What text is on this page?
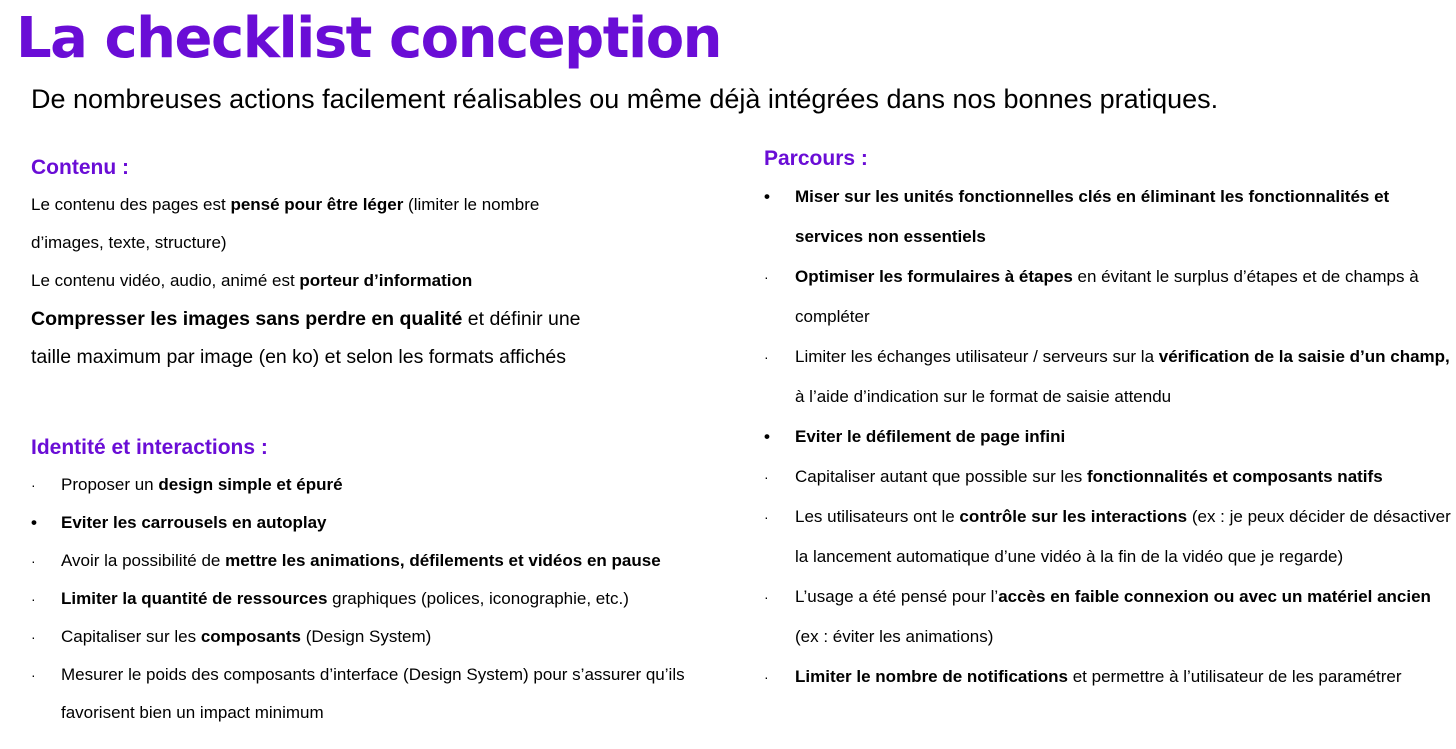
La checklist conception

De nombreuses actions facilement réalisables ou même déjà intégrées dans nos bonnes pratiques.

Contenu :
Le contenu des pages est pensé pour être léger (limiter le nombre d’images, texte, structure)
Le contenu vidéo, audio, animé est porteur d’information
Compresser les images sans perdre en qualité et définir une taille maximum par image (en ko) et selon les formats affichés
Identité et interactions :
· Proposer un design simple et épuré
• Eviter les carrousels en autoplay
· Avoir la possibilité de mettre les animations, défilements et vidéos en pause
· Limiter la quantité de ressources graphiques (polices, iconographie, etc.)
· Capitaliser sur les composants (Design System)
· Mesurer le poids des composants d’interface (Design System) pour s’assurer qu’ils favorisent bien un impact minimum
Parcours :
• Miser sur les unités fonctionnelles clés en éliminant les fonctionnalités et services non essentiels
· Optimiser les formulaires à étapes en évitant le surplus d’étapes et de champs à compléter
· Limiter les échanges utilisateur / serveurs sur la vérification de la saisie d’un champ, à l’aide d’indication sur le format de saisie attendu
• Eviter le défilement de page infini
· Capitaliser autant que possible sur les fonctionnalités et composants natifs
· Les utilisateurs ont le contrôle sur les interactions (ex : je peux décider de désactiver la lancement automatique d’une vidéo à la fin de la vidéo que je regarde)
· L’usage a été pensé pour l’accès en faible connexion ou avec un matériel ancien (ex : éviter les animations)
· Limiter le nombre de notifications et permettre à l’utilisateur de les paramétrer
